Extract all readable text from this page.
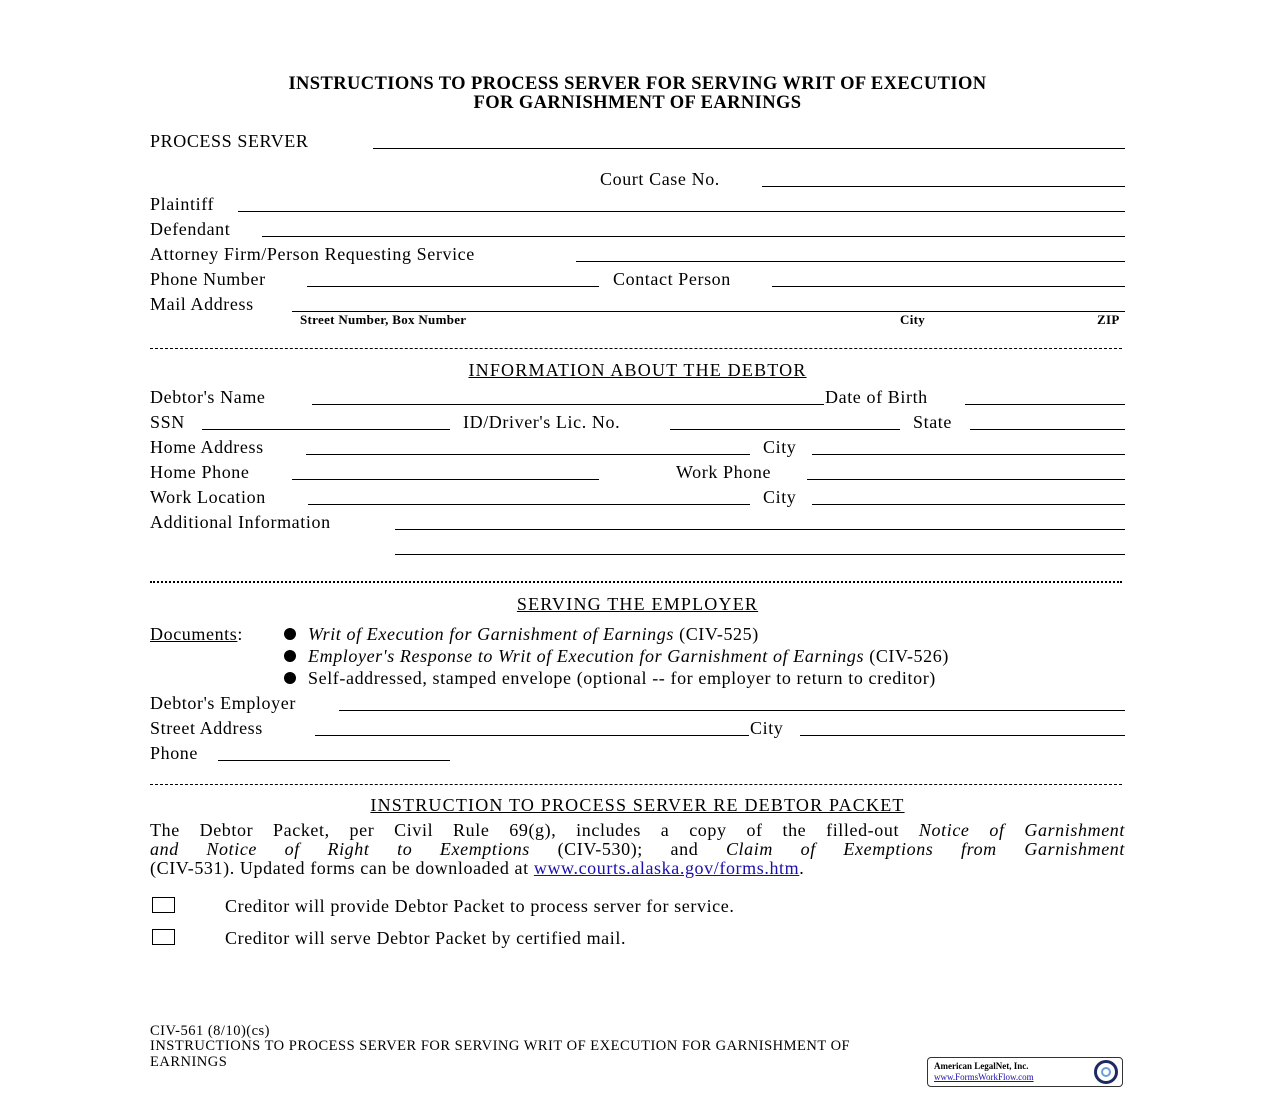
INSTRUCTIONS TO PROCESS SERVER FOR SERVING WRIT OF EXECUTION
FOR GARNISHMENT OF EARNINGS
PROCESS SERVER
Court Case No.
Plaintiff
Defendant
Attorney Firm/Person Requesting Service
Phone Number	Contact Person
Mail Address
Street Number, Box Number	City	ZIP
INFORMATION ABOUT THE DEBTOR
Debtor's Name	Date of Birth
SSN	ID/Driver's Lic. No.	State
Home Address	City
Home Phone	Work Phone
Work Location	City
Additional Information
SERVING THE EMPLOYER
Documents:	Writ of Execution for Garnishment of Earnings (CIV-525)
Employer's Response to Writ of Execution for Garnishment of Earnings (CIV-526)
Self-addressed, stamped envelope (optional -- for employer to return to creditor)
Debtor's Employer
Street Address	City
Phone
INSTRUCTION TO PROCESS SERVER RE DEBTOR PACKET
The Debtor Packet, per Civil Rule 69(g), includes a copy of the filled-out Notice of Garnishment
and Notice of Right to Exemptions (CIV-530); and Claim of Exemptions from Garnishment
(CIV-531). Updated forms can be downloaded at www.courts.alaska.gov/forms.htm.
Creditor will provide Debtor Packet to process server for service.
Creditor will serve Debtor Packet by certified mail.
CIV-561 (8/10)(cs)
INSTRUCTIONS TO PROCESS SERVER FOR SERVING WRIT OF EXECUTION FOR GARNISHMENT OF
EARNINGS	American LegalNet, Inc.
www.FormsWorkFlow.com
